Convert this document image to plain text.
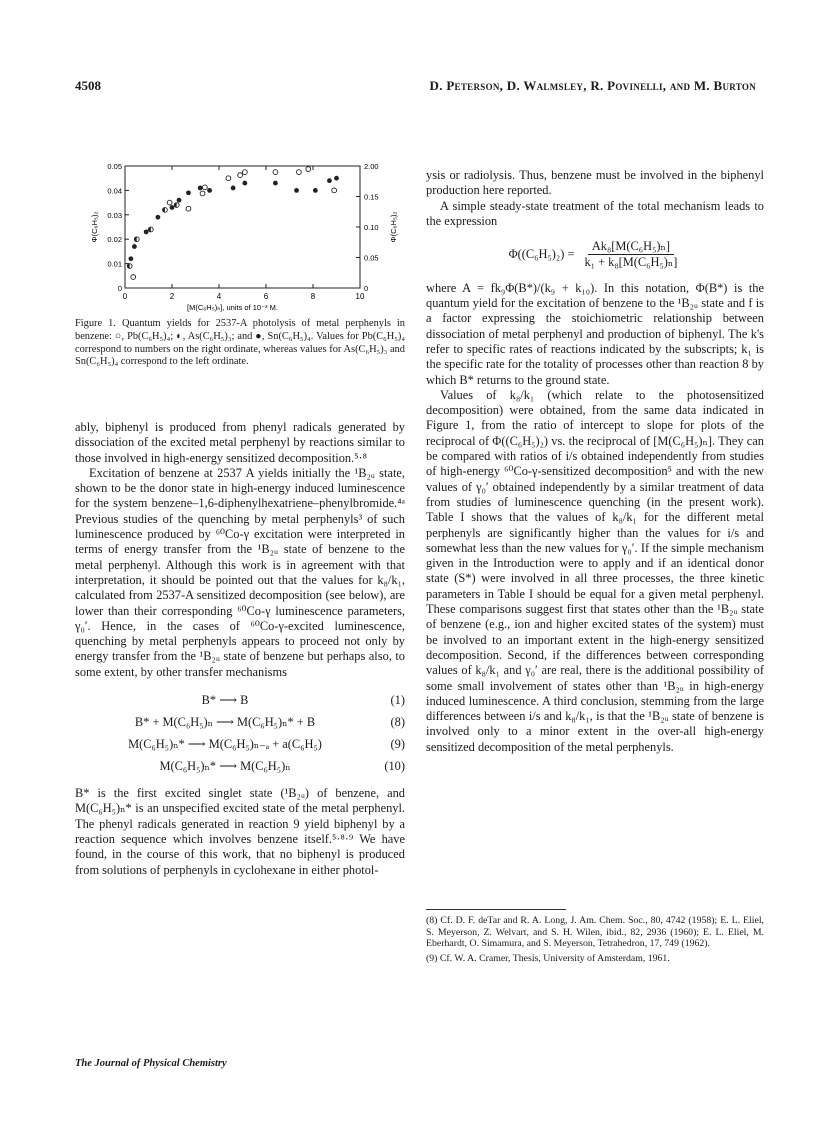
4508	D. Peterson, D. Walmsley, R. Povinelli, and M. Burton
0	2	4	6	8	10
0
0.01
0.02
0.03
0.04
0.05
0
0.05
0.10
0.15
2.00
[M(C₆H₅)ₙ], units of 10⁻³ M.
Φ(C₆H₅)₂	Φ(C₆H₅)₂
Figure 1. Quantum yields for 2537-A photolysis of metal perphenyls in benzene: ○, Pb(C₆H₅)₄; ◐, As(C₆H₅)₃; and ●, Sn(C₆H₅)₄. Values for Pb(C₆H₅)₄ correspond to numbers on the right ordinate, whereas values for As(C₆H₅)₃ and Sn(C₆H₅)₄ correspond to the left ordinate.

ably, biphenyl is produced from phenyl radicals generated by dissociation of the excited metal perphenyl by reactions similar to those involved in high-energy sensitized decomposition.⁵·⁸

Excitation of benzene at 2537 A yields initially the ¹B₂ᵤ state, shown to be the donor state in high-energy induced luminescence for the system benzene–1,6-diphenylhexatriene–phenylbromide.⁴ᵃ Previous studies of the quenching by metal perphenyls³ of such luminescence produced by ⁶⁰Co-γ excitation were interpreted in terms of energy transfer from the ¹B₂ᵤ state of benzene to the metal perphenyl. Although this work is in agreement with that interpretation, it should be pointed out that the values for k₈/k₁, calculated from 2537-A sensitized decomposition (see below), are lower than their corresponding ⁶⁰Co-γ luminescence parameters, γ₀′. Hence, in the cases of ⁶⁰Co-γ-excited luminescence, quenching by metal perphenyls appears to proceed not only by energy transfer from the ¹B₂ᵤ state of benzene but perhaps also, to some extent, by other transfer mechanisms

B* ⟶ B	(1)
B* + M(C₆H₅)ₙ ⟶ M(C₆H₅)ₙ* + B	(8)
M(C₆H₅)ₙ* ⟶ M(C₆H₅)ₙ₋ₐ + a(C₆H₅)	(9)
M(C₆H₅)ₙ* ⟶ M(C₆H₅)ₙ	(10)

B* is the first excited singlet state (¹B₂ᵤ) of benzene, and M(C₆H₅)ₙ* is an unspecified excited state of the metal perphenyl. The phenyl radicals generated in reaction 9 yield biphenyl by a reaction sequence which involves benzene itself.⁵·⁸·⁹ We have found, in the course of this work, that no biphenyl is produced from solutions of perphenyls in cyclohexane in either photol-

ysis or radiolysis. Thus, benzene must be involved in the biphenyl production here reported.

A simple steady-state treatment of the total mechanism leads to the expression

$\Phi((C_6H_5)_2) = \frac{\text{Ak₈[M(C₆H₅)ₙ]}}{\text{k₁ + k₈[M(C₆H₅)ₙ]}}$

where A = fk₉Φ(B*)/(k₉ + k₁₀). In this notation, Φ(B*) is the quantum yield for the excitation of benzene to the ¹B₂ᵤ state and f is a factor expressing the stoichiometric relationship between dissociation of metal perphenyl and production of biphenyl. The k's refer to specific rates of reactions indicated by the subscripts; k₁ is the specific rate for the totality of processes other than reaction 8 by which B* returns to the ground state.

Values of k₈/k₁ (which relate to the photosensitized decomposition) were obtained, from the same data indicated in Figure 1, from the ratio of intercept to slope for plots of the reciprocal of Φ((C₆H₅)₂) vs. the reciprocal of [M(C₆H₅)ₙ]. They can be compared with ratios of i/s obtained independently from studies of high-energy ⁶⁰Co-γ-sensitized decomposition⁵ and with the new values of γ₀′ obtained independently by a similar treatment of data from studies of luminescence quenching (in the present work). Table I shows that the values of k₈/k₁ for the different metal perphenyls are significantly higher than the values for i/s and somewhat less than the new values for γ₀′. If the simple mechanism given in the Introduction were to apply and if an identical donor state (S*) were involved in all three processes, the three kinetic parameters in Table I should be equal for a given metal perphenyl. These comparisons suggest first that states other than the ¹B₂ᵤ state of benzene (e.g., ion and higher excited states of the system) must be involved to an important extent in the high-energy sensitized decomposition. Second, if the differences between corresponding values of k₈/k₁ and γ₀′ are real, there is the additional possibility of some small involvement of states other than ¹B₂ᵤ in high-energy induced luminescence. A third conclusion, stemming from the large differences between i/s and k₈/k₁, is that the ¹B₂ᵤ state of benzene is involved only to a minor extent in the over-all high-energy sensitized decomposition of the metal perphenyls.

(8) Cf. D. F. deTar and R. A. Long, J. Am. Chem. Soc., 80, 4742 (1958); E. L. Eliel, S. Meyerson, Z. Welvart, and S. H. Wilen, ibid., 82, 2936 (1960); E. L. Eliel, M. Eberhardt, O. Simamura, and S. Meyerson, Tetrahedron, 17, 749 (1962).

(9) Cf. W. A. Cramer, Thesis, University of Amsterdam, 1961.

The Journal of Physical Chemistry
